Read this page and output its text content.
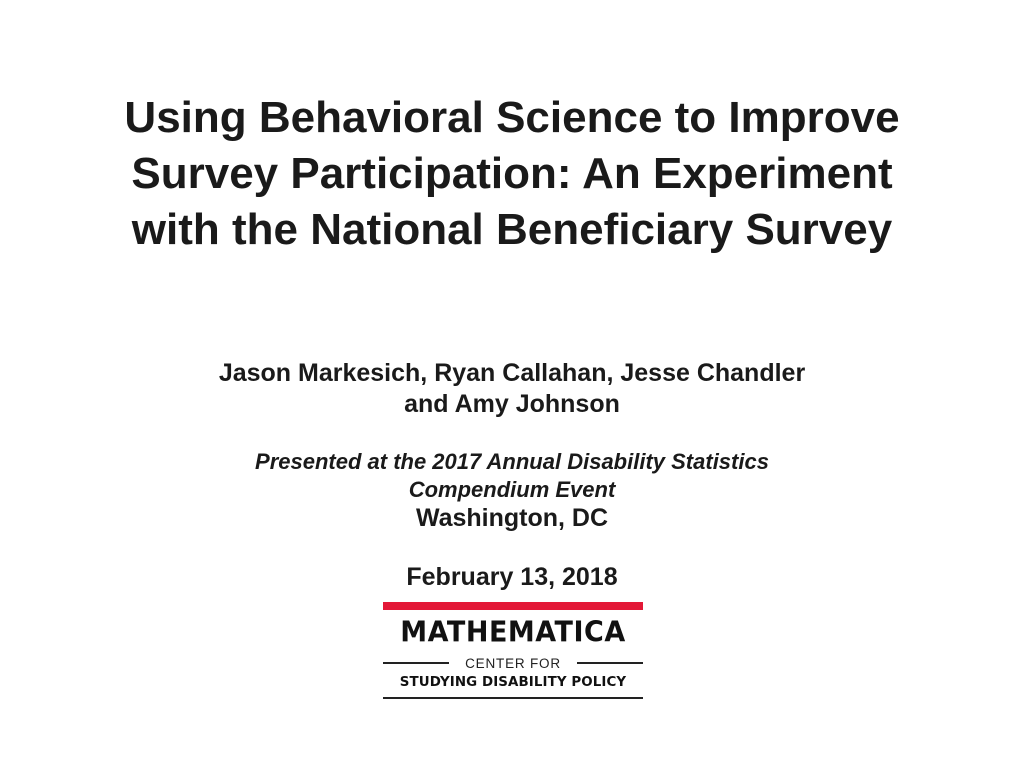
Using Behavioral Science to Improve
Survey Participation: An Experiment
with the National Beneficiary Survey
Jason Markesich, Ryan Callahan, Jesse Chandler
and Amy Johnson
Presented at the 2017 Annual Disability Statistics
Compendium Event
Washington, DC
February 13, 2018
MATHEMATICA
CENTER FOR
STUDYING DISABILITY POLICY
